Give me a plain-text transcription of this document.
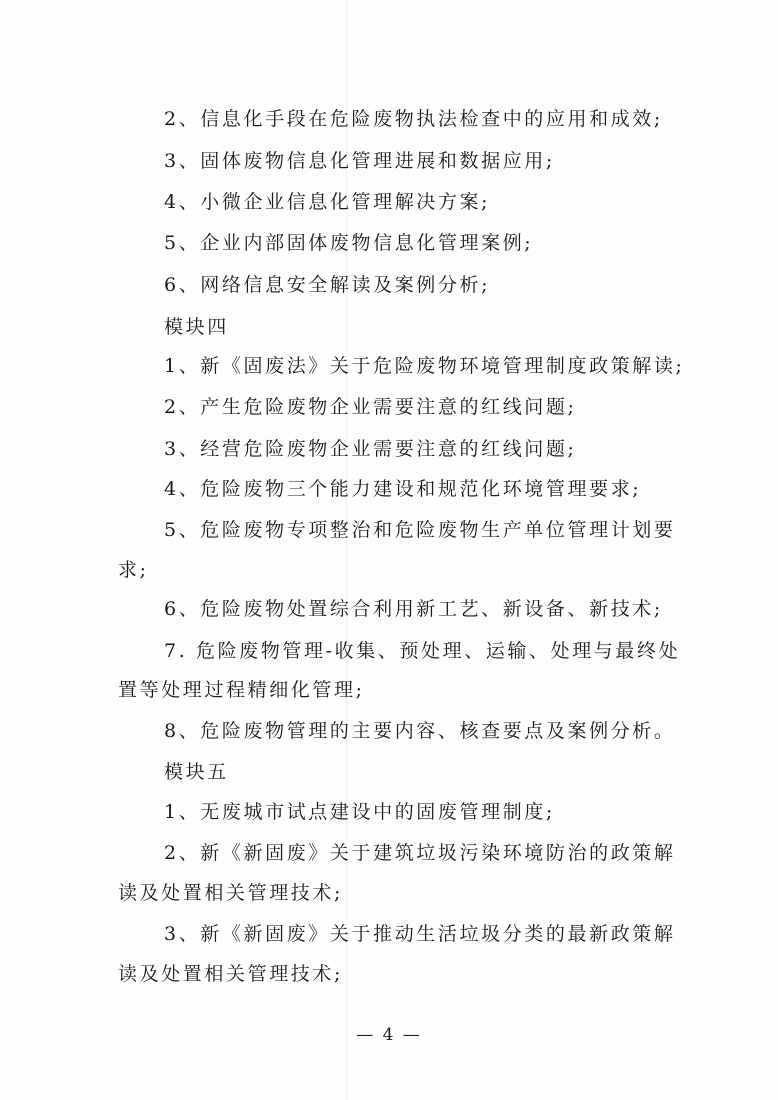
2、信息化手段在危险废物执法检查中的应用和成效;
3、固体废物信息化管理进展和数据应用;
4、小微企业信息化管理解决方案;
5、企业内部固体废物信息化管理案例;
6、网络信息安全解读及案例分析;
模块四
1、新《固废法》关于危险废物环境管理制度政策解读;
2、产生危险废物企业需要注意的红线问题;
3、经营危险废物企业需要注意的红线问题;
4、危险废物三个能力建设和规范化环境管理要求;
5、危险废物专项整治和危险废物生产单位管理计划要
求;
6、危险废物处置综合利用新工艺、新设备、新技术;
7. 危险废物管理-收集、预处理、运输、处理与最终处
置等处理过程精细化管理;
8、危险废物管理的主要内容、核查要点及案例分析。
模块五
1、无废城市试点建设中的固废管理制度;
2、新《新固废》关于建筑垃圾污染环境防治的政策解
读及处置相关管理技术;
3、新《新固废》关于推动生活垃圾分类的最新政策解
读及处置相关管理技术;
— 4 —
